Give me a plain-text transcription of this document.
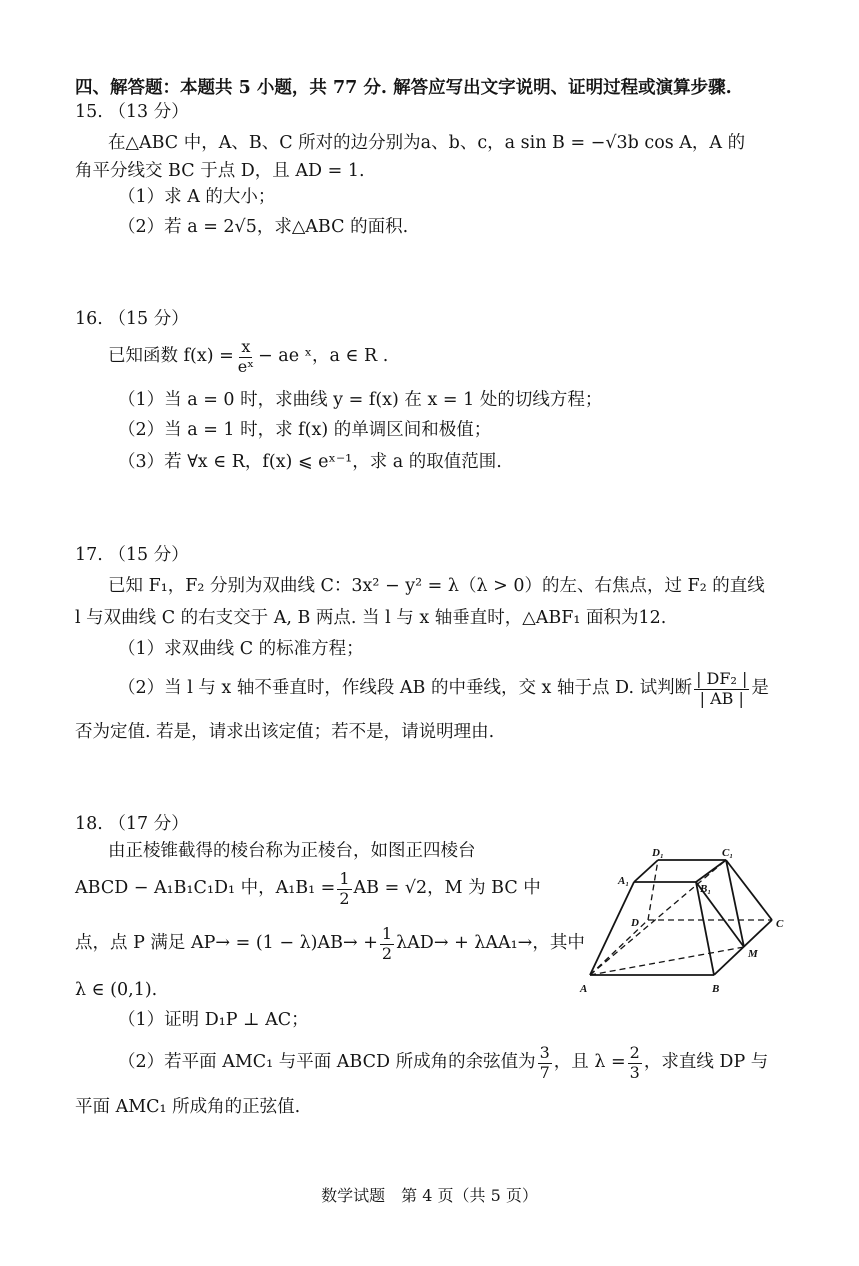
四、解答题：本题共 5 小题，共 77 分. 解答应写出文字说明、证明过程或演算步骤.
15. （13 分）
在△ABC 中，A、B、C 所对的边分别为a、b、c，a sin B = −√3b cos A，A 的
角平分线交 BC 于点 D，且 AD = 1.
（1）求 A 的大小；
（2）若 a = 2√5，求△ABC 的面积.
16. （15 分）
已知函数 $f(x) = \frac{x}{\text{eˣ}}$ − ae ˣ，a ∈ R .
（1）当 a = 0 时，求曲线 y = f(x) 在 x = 1 处的切线方程；
（2）当 a = 1 时，求 f(x) 的单调区间和极值；
（3）若 ∀x ∈ R，f(x) ⩽ eˣ⁻¹，求 a 的取值范围.
17. （15 分）
已知 F₁，F₂ 分别为双曲线 C：3x² − y² = λ（λ > 0）的左、右焦点，过 F₂ 的直线
l 与双曲线 C 的右支交于 A, B 两点. 当 l 与 x 轴垂直时，△ABF₁ 面积为12.
（1）求双曲线 C 的标准方程；
（2）当 l 与 x 轴不垂直时，作线段 AB 的中垂线，交 x 轴于点 D. 试判断 $\frac{\text{| DF₂ |}}{| AB |}$ 是
否为定值. 若是，请求出该定值；若不是，请说明理由.
18. （17 分）
由正棱锥截得的棱台称为正棱台，如图正四棱台
ABCD − A₁B₁C₁D₁ 中，$A_1B_1 = \frac{1}{2}$ AB = √2，M 为 BC 中
点，点 P 满足 $AP\to = (1 - \lambda)AB\to + \frac{1}{2} \lambda AD\to + \lambda AA_1\to$，其中
λ ∈ (0,1).
（1）证明 D₁P ⊥ AC；
（2）若平面 AMC₁ 与平面 ABCD 所成角的余弦值为 $\frac{3}{7}$ ，且 $\lambda = \frac{2}{3}$ ，求直线 DP 与
平面 AMC₁ 所成角的正弦值.
A	B
C
D
A₁
B₁
C₁
D₁
M
数学试题　第 4 页（共 5 页）
